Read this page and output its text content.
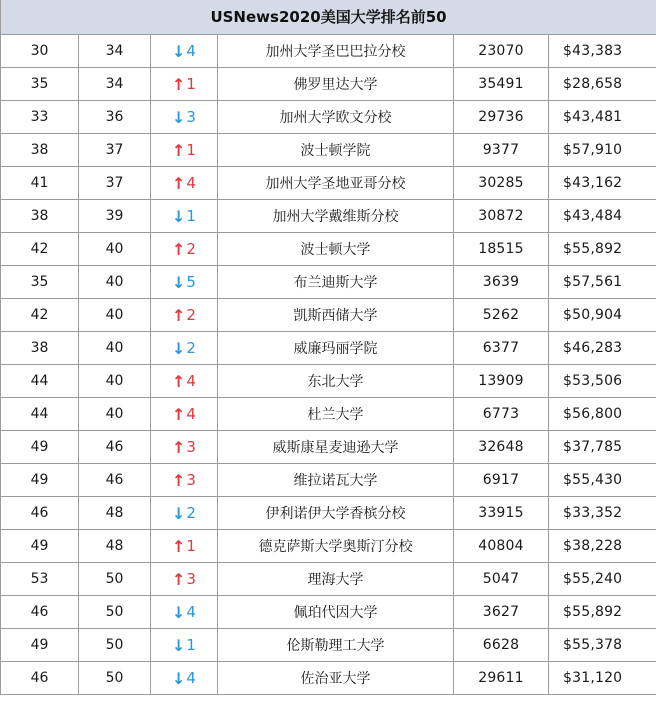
USNews2020美国大学排名前50					
30	34	↓ 4	加州大学圣巴巴拉分校	23070	$43,383
35	34	↑ 1	佛罗里达大学	35491	$28,658
33	36	↓ 3	加州大学欧文分校	29736	$43,481
38	37	↑ 1	波士顿学院	9377	$57,910
41	37	↑ 4	加州大学圣地亚哥分校	30285	$43,162
38	39	↓ 1	加州大学戴维斯分校	30872	$43,484
42	40	↑ 2	波士顿大学	18515	$55,892
35	40	↓ 5	布兰迪斯大学	3639	$57,561
42	40	↑ 2	凯斯西储大学	5262	$50,904
38	40	↓ 2	威廉玛丽学院	6377	$46,283
44	40	↑ 4	东北大学	13909	$53,506
44	40	↑ 4	杜兰大学	6773	$56,800
49	46	↑ 3	威斯康星麦迪逊大学	32648	$37,785
49	46	↑ 3	维拉诺瓦大学	6917	$55,430
46	48	↓ 2	伊利诺伊大学香槟分校	33915	$33,352
49	48	↑ 1	德克萨斯大学奥斯汀分校	40804	$38,228
53	50	↑ 3	理海大学	5047	$55,240
46	50	↓ 4	佩珀代因大学	3627	$55,892
49	50	↓ 1	伦斯勒理工大学	6628	$55,378
46	50	↓ 4	佐治亚大学	29611	$31,120
